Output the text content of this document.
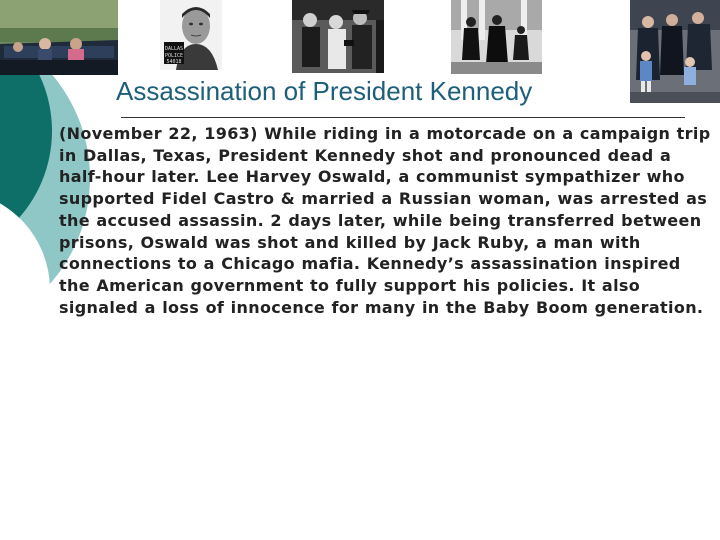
DALLAS
POLICE
54018
Assassination of President Kennedy

(November 22, 1963) While riding in a motorcade on a campaign trip in Dallas, Texas, President Kennedy shot and pronounced dead a half-hour later. Lee Harvey Oswald, a communist sympathizer who supported Fidel Castro & married a Russian woman, was arrested as the accused assassin. 2 days later, while being transferred between prisons, Oswald was shot and killed by Jack Ruby, a man with connections to a Chicago mafia. Kennedy’s assassination inspired the American government to fully support his policies. It also signaled a loss of innocence for many in the Baby Boom generation.
